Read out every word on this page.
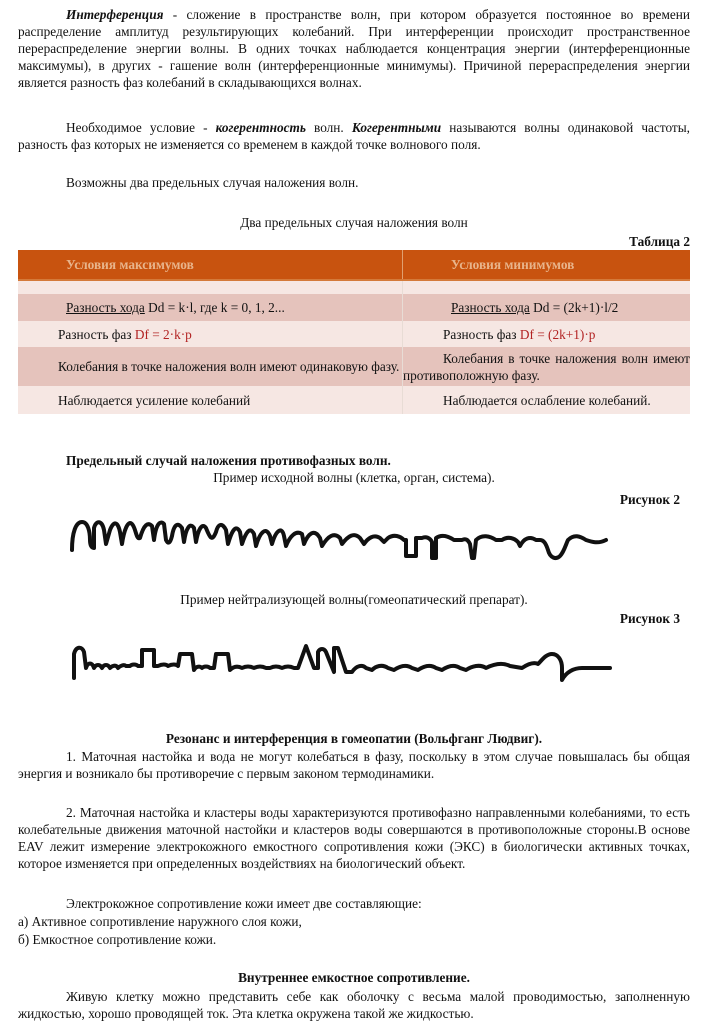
Интерференция - сложение в пространстве волн, при котором образуется постоянное во времени распределение амплитуд результирующих колебаний. При интерференции происходит пространственное перераспределение энергии волны. В одних точках наблюдается концентрация энергии (интерференционные максимумы), в других - гашение волн (интерференционные минимумы). Причиной перераспределения энергии является разность фаз колебаний в складывающихся волнах.

Необходимое условие - когерентность волн. Когерентными называются волны одинаковой частоты, разность фаз которых не изменяется со временем в каждой точке волнового поля.

Возможны два предельных случая наложения волн.

Два предельных случая наложения волн
Таблица 2
Условия максимумов	Условия минимумов

Разность хода Dd = k·l, где k = 0, 1, 2...	Разность хода Dd = (2k+1)·l/2
Разность фаз Df = 2·k·p	Разность фаз Df = (2k+1)·p

Колебания в точке наложения волн имеют одинаковую фазу.	Колебания в точке наложения волн имеют противоположную фазу.

Наблюдается усиление колебаний	Наблюдается ослабление колебаний.
Предельный случай наложения противофазных волн.
Пример исходной волны (клетка, орган, система).
Рисунок 2
Пример нейтрализующей волны(гомеопатический препарат).
Рисунок 3
Резонанс и интерференция в гомеопатии (Вольфганг Людвиг).

1. Маточная настойка и вода не могут колебаться в фазу, поскольку в этом случае повышалась бы общая энергия и возникало бы противоречие с первым законом термодинамики.

2. Маточная настойка и кластеры воды характеризуются противофазно направленными колебаниями, то есть колебательные движения маточной настойки и кластеров воды совершаются в противоположные стороны.В основе EAV лежит измерение электрокожного емкостного сопротивления кожи (ЭКС) в биологически активных точках, которое изменяется при определенных воздействиях на биологический объект.

Электрокожное сопротивление кожи имеет две составляющие:

а) Активное сопротивление наружного слоя кожи,

б) Емкостное сопротивление кожи.

Внутреннее емкостное сопротивление.

Живую клетку можно представить себе как оболочку с весьма малой проводимостью, заполненную жидкостью, хорошо проводящей ток. Эта клетка окружена такой же жидкостью.
